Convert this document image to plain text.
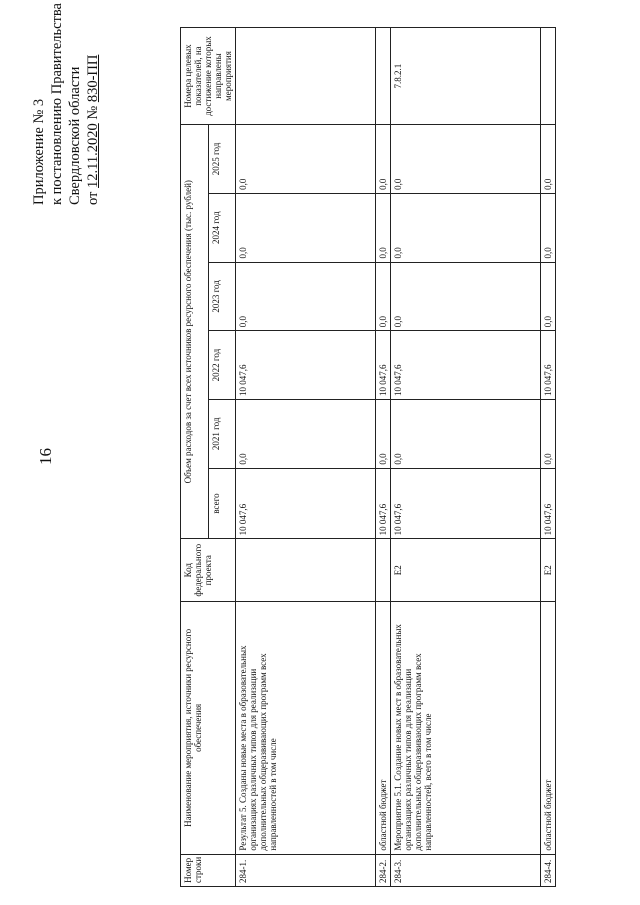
16
Приложение № 3 к постановлению Правительства Свердловской области от 12.11.2020 № 830-ПП
Номер строки	Наименование мероприятия, источники ресурсного обеспечения	Код федерального проекта	Объем расходов за счет всех источников ресурсного обеспечения (тыс. рублей)						Номера целевых показателей, на достижение которых направлены мероприятия
			всего	2021 год	2022 год	2023 год	2024 год	2025 год	
284-1.	Результат 5. Созданы новые места в образовательных организациях различных типов для реализации дополнительных общеразвивающих программ всех направленностей в том числе		10 047,6	0,0	10 047,6	0,0	0,0	0,0	
284-2.	областной бюджет		10 047,6	0,0	10 047,6	0,0	0,0	0,0	
284-3.	Мероприятие 5.1. Создание новых мест в образовательных организациях различных типов для реализации дополнительных общеразвивающих программ всех направленностей, всего в том числе	Е2	10 047,6	0,0	10 047,6	0,0	0,0	0,0	7.8.2.1
284-4.	областной бюджет	Е2	10 047,6	0,0	10 047,6	0,0	0,0	0,0	
